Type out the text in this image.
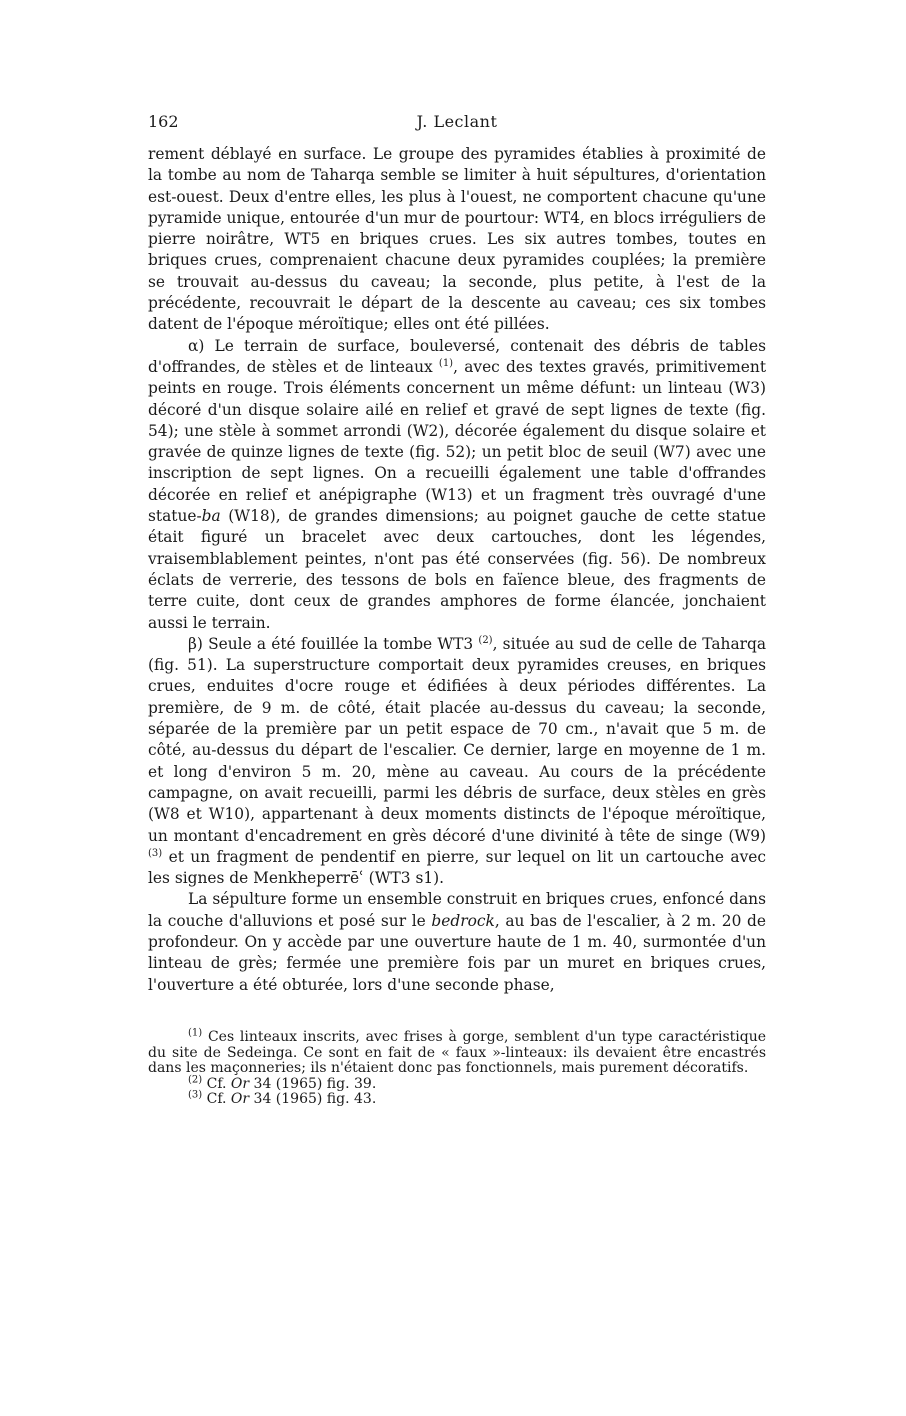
162	J. Leclant

rement déblayé en surface. Le groupe des pyramides établies à proximité de la tombe au nom de Taharqa semble se limiter à huit sépultures, d'orientation est-ouest. Deux d'entre elles, les plus à l'ouest, ne comportent chacune qu'une pyramide unique, entourée d'un mur de pourtour: WT4, en blocs irréguliers de pierre noirâtre, WT5 en briques crues. Les six autres tombes, toutes en briques crues, comprenaient chacune deux pyramides couplées; la première se trouvait au-dessus du caveau; la seconde, plus petite, à l'est de la précédente, recouvrait le départ de la descente au caveau; ces six tombes datent de l'époque méroïtique; elles ont été pillées.

α) Le terrain de surface, bouleversé, contenait des débris de tables d'offrandes, de stèles et de linteaux $^{(1)}$, avec des textes gravés, primitivement peints en rouge. Trois éléments concernent un même défunt: un linteau (W3) décoré d'un disque solaire ailé en relief et gravé de sept lignes de texte (fig. 54); une stèle à sommet arrondi (W2), décorée également du disque solaire et gravée de quinze lignes de texte (fig. 52); un petit bloc de seuil (W7) avec une inscription de sept lignes. On a recueilli également une table d'offrandes décorée en relief et anépigraphe (W13) et un fragment très ouvragé d'une statue-ba (W18), de grandes dimensions; au poignet gauche de cette statue était figuré un bracelet avec deux cartouches, dont les légendes, vraisemblablement peintes, n'ont pas été conservées (fig. 56). De nombreux éclats de verrerie, des tessons de bols en faïence bleue, des fragments de terre cuite, dont ceux de grandes amphores de forme élancée, jonchaient aussi le terrain.

β) Seule a été fouillée la tombe WT3 $^{(2)}$, située au sud de celle de Taharqa (fig. 51). La superstructure comportait deux pyramides creuses, en briques crues, enduites d'ocre rouge et édifiées à deux périodes différentes. La première, de 9 m. de côté, était placée au-dessus du caveau; la seconde, séparée de la première par un petit espace de 70 cm., n'avait que 5 m. de côté, au-dessus du départ de l'escalier. Ce dernier, large en moyenne de 1 m. et long d'environ 5 m. 20, mène au caveau. Au cours de la précédente campagne, on avait recueilli, parmi les débris de surface, deux stèles en grès (W8 et W10), appartenant à deux moments distincts de l'époque méroïtique, un montant d'encadrement en grès décoré d'une divinité à tête de singe (W9) $^{(3)}$ et un fragment de pendentif en pierre, sur lequel on lit un cartouche avec les signes de Menkheperrēʿ (WT3 s1).

La sépulture forme un ensemble construit en briques crues, enfoncé dans la couche d'alluvions et posé sur le bedrock, au bas de l'escalier, à 2 m. 20 de profondeur. On y accède par une ouverture haute de 1 m. 40, surmontée d'un linteau de grès; fermée une première fois par un muret en briques crues, l'ouverture a été obturée, lors d'une seconde phase,

$^{(1)}$ Ces linteaux inscrits, avec frises à gorge, semblent d'un type caractéristique du site de Sedeinga. Ce sont en fait de « faux »-linteaux: ils devaient être encastrés dans les maçonneries; ils n'étaient donc pas fonctionnels, mais purement décoratifs.

$^{(2)}$ Cf. Or 34 (1965) fig. 39.

$^{(3)}$ Cf. Or 34 (1965) fig. 43.
